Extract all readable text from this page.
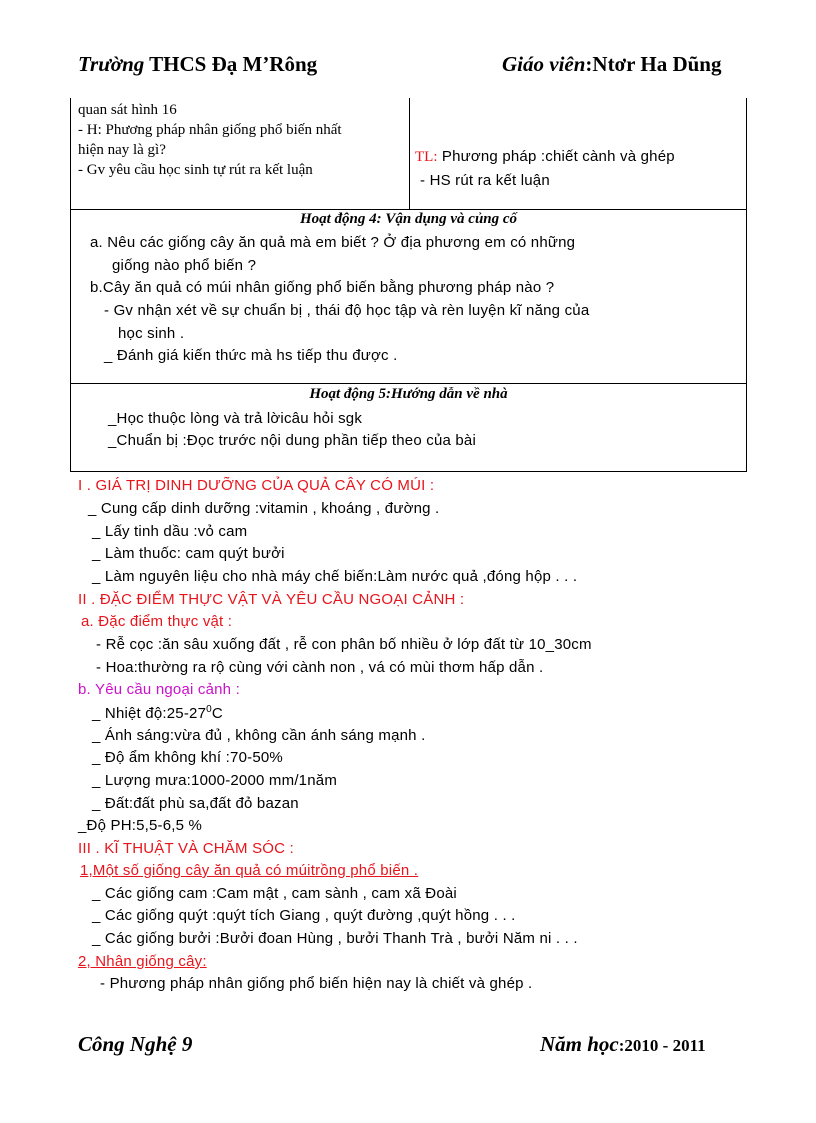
Trường THCS Đạ M’Rông	Giáo viên:Ntơr Ha Dũng
quan sát hình 16
- H: Phương pháp nhân giống phổ biến nhất
hiện nay là gì?
- Gv yêu cầu học sinh tự rút ra kết luận
TL: Phương pháp :chiết cành và ghép
- HS rút ra kết luận
Hoạt động 4: Vận dụng và củng cố
a. Nêu các giống cây ăn quả mà em biết ? Ở địa phương em có những
giống nào phổ biến ?
b.Cây ăn quả có múi nhân giống phổ biến bằng phương pháp nào ?
- Gv nhận xét về sự chuẩn bị , thái độ học tập và rèn luyện kĩ năng của
học sinh .
_ Đánh giá kiến thức mà hs tiếp thu được .
Hoạt động 5:Hướng dẫn về nhà
_Học thuộc lòng và trả lờicâu hỏi sgk
_Chuẩn bị :Đọc trước nội dung phần tiếp theo của bài
I . GIÁ TRỊ DINH DƯỠNG CỦA QUẢ CÂY CÓ MÚI :
_ Cung cấp dinh dưỡng :vitamin , khoáng , đường .
_ Lấy tinh dầu :vỏ cam
_ Làm thuốc: cam quýt bưởi
_ Làm nguyên liệu cho nhà máy chế biến:Làm nước quả ,đóng hộp . . .
II . ĐẶC ĐIỂM THỰC VẬT VÀ YÊU CẦU NGOẠI CẢNH :
a. Đặc điểm thực vật :
- Rễ cọc :ăn sâu xuống đất , rễ con phân bố nhiều ở lớp đất từ 10_30cm
- Hoa:thường ra rộ cùng với cành non , vá có mùi thơm hấp dẫn .
b. Yêu cầu ngoại cảnh :
_ Nhiệt $độ:25-27^0C$
_ Ánh sáng:vừa đủ , không cần ánh sáng mạnh .
_ Độ ẩm không khí :70-50%
_ Lượng mưa:1000-2000 mm/1năm
_ Đất:đất phù sa,đất đỏ bazan
_Độ PH:5,5-6,5 %
III . KĨ THUẬT VÀ CHĂM SÓC :
1,Một số giống cây ăn quả có múitrồng phổ biến .
_ Các giống cam :Cam mật , cam sành , cam xã Đoài
_ Các giống quýt :quýt tích Giang , quýt đường ,quýt hồng . . .
_ Các giống bưởi :Bưởi đoan Hùng , bưởi Thanh Trà , bưởi Năm ni . . .
2, Nhân giống cây:
- Phương pháp nhân giống phổ biến hiện nay là chiết và ghép .
Công Nghệ 9	Năm học:2010 - 2011
